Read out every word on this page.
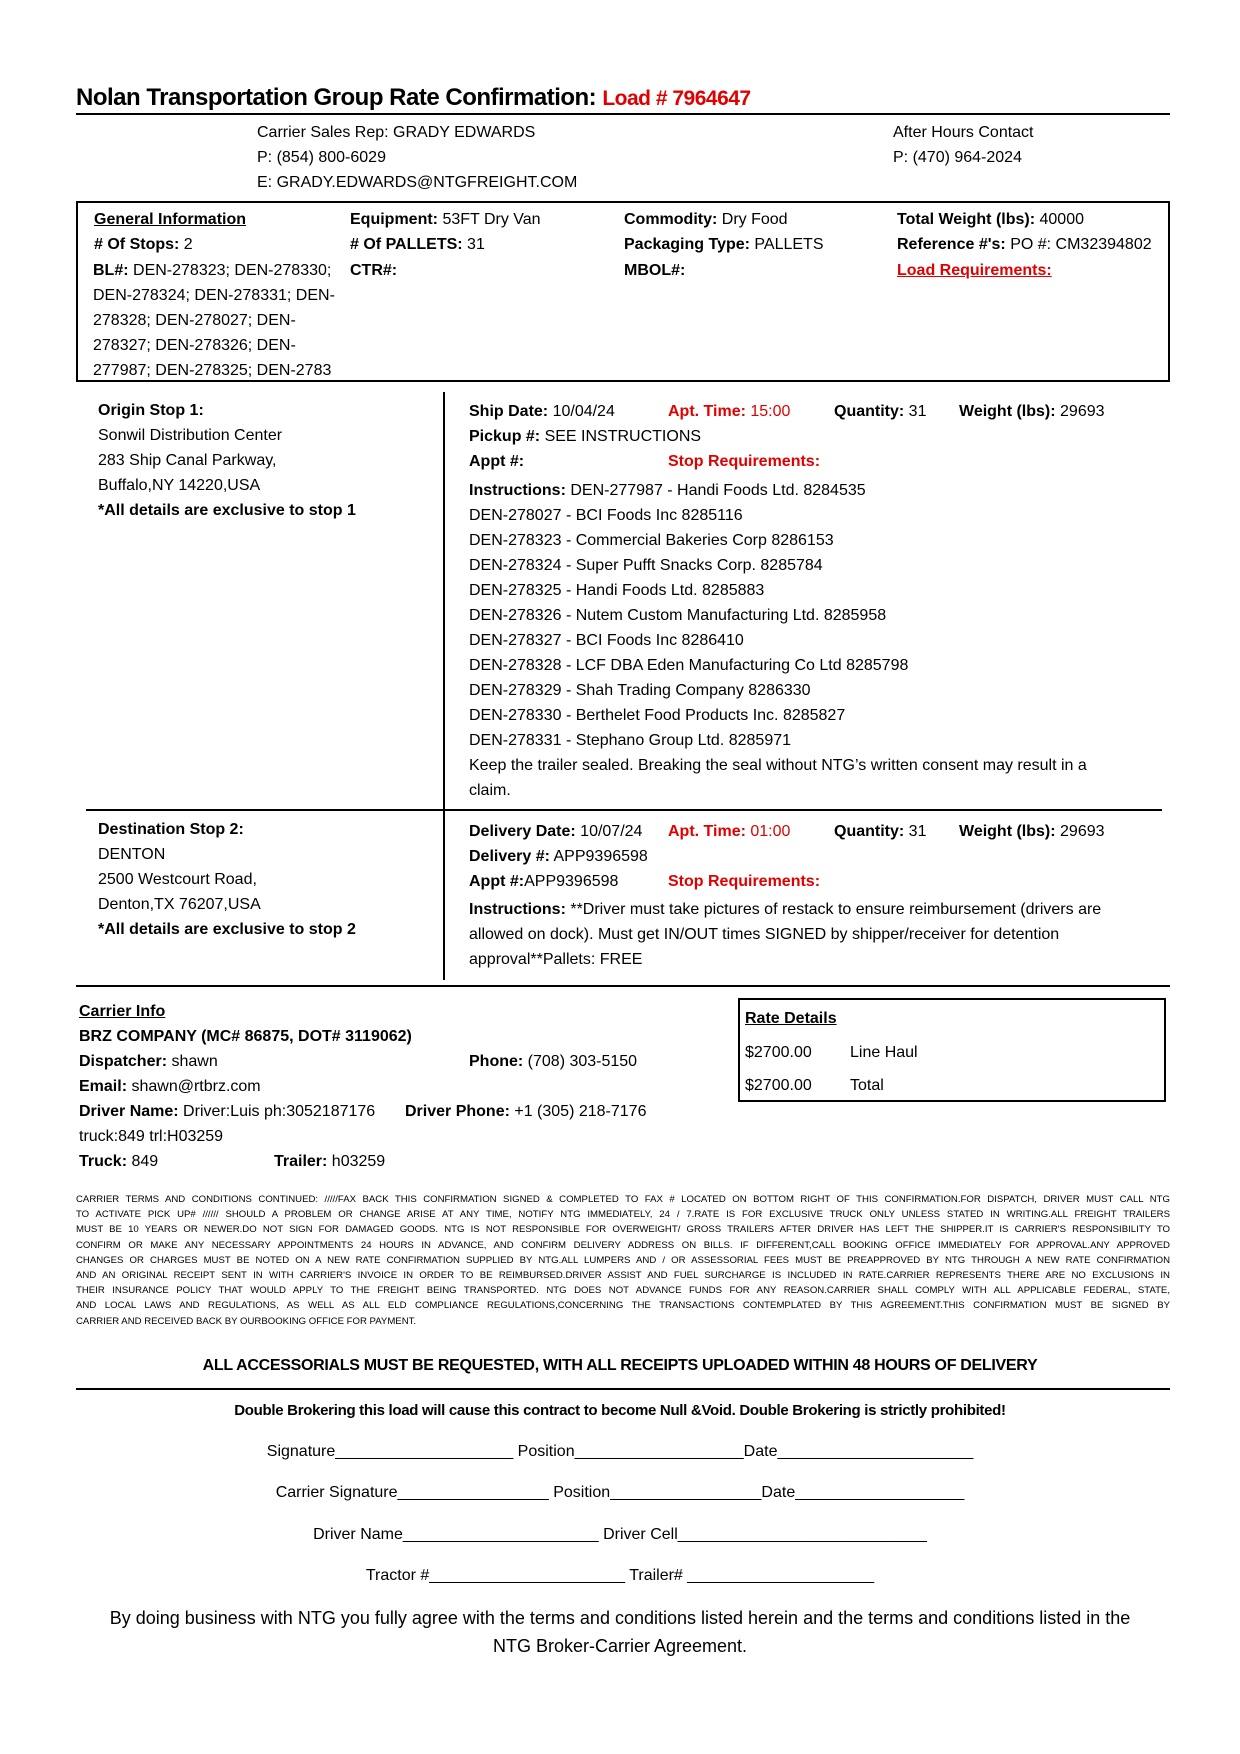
Nolan Transportation Group Rate Confirmation: Load # 7964647
Carrier Sales Rep: GRADY EDWARDS
P: (854) 800-6029
E: GRADY.EDWARDS@NTGFREIGHT.COM
After Hours Contact
P: (470) 964-2024
General Information	Equipment: 53FT Dry Van	Commodity: Dry Food	Total Weight (lbs): 40000
# Of Stops: 2	# Of PALLETS: 31	Packaging Type: PALLETS	Reference #'s: PO #: CM32394802
BL#: DEN-278323; DEN-278330; DEN-278324; DEN-278331; DEN-278328; DEN-278027; DEN-278327; DEN-278326; DEN-277987; DEN-278325; DEN-2783
CTR#:	MBOL#:	Load Requirements:
Origin Stop 1:
Sonwil Distribution Center
283 Ship Canal Parkway,
Buffalo,NY 14220,USA
*All details are exclusive to stop 1
Ship Date: 10/04/24	Apt. Time: 15:00	Quantity: 31 Weight (lbs): 29693
Pickup #: SEE INSTRUCTIONS
Appt #:	Stop Requirements:
Instructions: DEN-277987 - Handi Foods Ltd. 8284535
DEN-278027 - BCI Foods Inc 8285116
DEN-278323 - Commercial Bakeries Corp 8286153
DEN-278324 - Super Pufft Snacks Corp. 8285784
DEN-278325 - Handi Foods Ltd. 8285883
DEN-278326 - Nutem Custom Manufacturing Ltd. 8285958
DEN-278327 - BCI Foods Inc 8286410
DEN-278328 - LCF DBA Eden Manufacturing Co Ltd 8285798
DEN-278329 - Shah Trading Company 8286330
DEN-278330 - Berthelet Food Products Inc. 8285827
DEN-278331 - Stephano Group Ltd. 8285971
Keep the trailer sealed. Breaking the seal without NTG’s written consent may result in a
claim.
Destination Stop 2:
DENTON
2500 Westcourt Road,
Denton,TX 76207,USA
*All details are exclusive to stop 2
Delivery Date: 10/07/24 Apt. Time: 01:00	Quantity: 31 Weight (lbs): 29693
Delivery #: APP9396598
Appt #:APP9396598	Stop Requirements:
Instructions: **Driver must take pictures of restack to ensure reimbursement (drivers are
allowed on dock). Must get IN/OUT times SIGNED by shipper/receiver for detention
approval**Pallets: FREE
Carrier Info
BRZ COMPANY (MC# 86875, DOT# 3119062)
Dispatcher: shawn	Phone: (708) 303-5150
Email: shawn@rtbrz.com
Driver Name: Driver:Luis ph:3052187176 Driver Phone: +1 (305) 218-7176
truck:849 trl:H03259
Truck: 849	Trailer: h03259
Rate Details
$2700.00 Line Haul
$2700.00 Total
CARRIER TERMS AND CONDITIONS CONTINUED: /////FAX BACK THIS CONFIRMATION SIGNED & COMPLETED TO FAX # LOCATED ON BOTTOM RIGHT OF THIS CONFIRMATION.FOR DISPATCH, DRIVER MUST CALL NTG
TO ACTIVATE PICK UP# ////// SHOULD A PROBLEM OR CHANGE ARISE AT ANY TIME, NOTIFY NTG IMMEDIATELY, 24 / 7.RATE IS FOR EXCLUSIVE TRUCK ONLY UNLESS STATED IN WRITING.ALL FREIGHT TRAILERS
MUST BE 10 YEARS OR NEWER.DO NOT SIGN FOR DAMAGED GOODS. NTG IS NOT RESPONSIBLE FOR OVERWEIGHT/ GROSS TRAILERS AFTER DRIVER HAS LEFT THE SHIPPER.IT IS CARRIER'S RESPONSIBILITY TO
CONFIRM OR MAKE ANY NECESSARY APPOINTMENTS 24 HOURS IN ADVANCE, AND CONFIRM DELIVERY ADDRESS ON BILLS. IF DIFFERENT,CALL BOOKING OFFICE IMMEDIATELY FOR APPROVAL.ANY APPROVED
CHANGES OR CHARGES MUST BE NOTED ON A NEW RATE CONFIRMATION SUPPLIED BY NTG.ALL LUMPERS AND / OR ASSESSORIAL FEES MUST BE PREAPPROVED BY NTG THROUGH A NEW RATE CONFIRMATION
AND AN ORIGINAL RECEIPT SENT IN WITH CARRIER'S INVOICE IN ORDER TO BE REIMBURSED.DRIVER ASSIST AND FUEL SURCHARGE IS INCLUDED IN RATE.CARRIER REPRESENTS THERE ARE NO EXCLUSIONS IN
THEIR INSURANCE POLICY THAT WOULD APPLY TO THE FREIGHT BEING TRANSPORTED. NTG DOES NOT ADVANCE FUNDS FOR ANY REASON.CARRIER SHALL COMPLY WITH ALL APPLICABLE FEDERAL, STATE,
AND LOCAL LAWS AND REGULATIONS, AS WELL AS ALL ELD COMPLIANCE REGULATIONS,CONCERNING THE TRANSACTIONS CONTEMPLATED BY THIS AGREEMENT.THIS CONFIRMATION MUST BE SIGNED BY
CARRIER AND RECEIVED BACK BY OURBOOKING OFFICE FOR PAYMENT.
ALL ACCESSORIALS MUST BE REQUESTED, WITH ALL RECEIPTS UPLOADED WITHIN 48 HOURS OF DELIVERY
Double Brokering this load will cause this contract to become Null &Void. Double Brokering is strictly prohibited!
Signature____________________ Position___________________Date______________________
Carrier Signature_________________ Position_________________Date___________________
Driver Name______________________ Driver Cell____________________________
Tractor #______________________ Trailer# _____________________
By doing business with NTG you fully agree with the terms and conditions listed herein and the terms and conditions listed in the
NTG Broker-Carrier Agreement.
